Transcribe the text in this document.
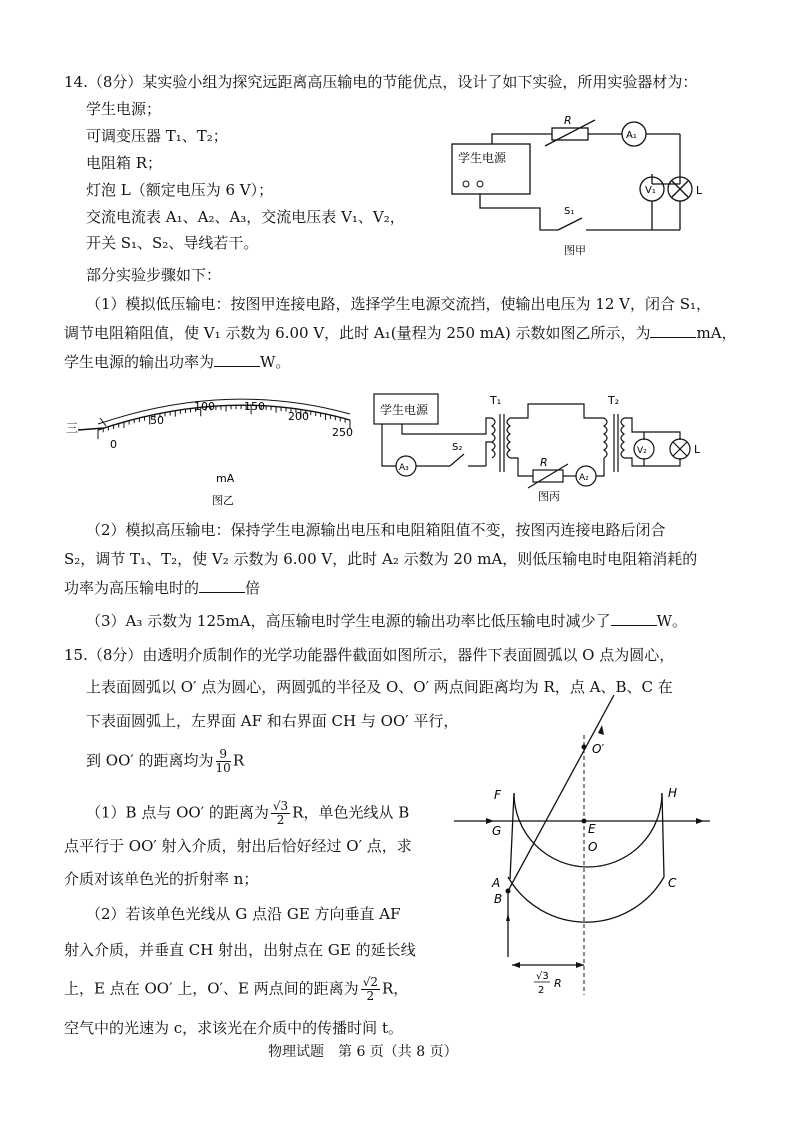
14.（8分）某实验小组为探究远距离高压输电的节能优点，设计了如下实验，所用实验器材为：
学生电源；
可调变压器 T₁、T₂；
电阻箱 R；
灯泡 L（额定电压为 6 V）；
交流电流表 A₁、A₂、A₃，交流电压表 V₁、V₂，
开关 S₁、S₂、导线若干。
部分实验步骤如下：
学生电源
R
A₁
V₁	L
S₁
图甲
（1）模拟低压输电：按图甲连接电路，选择学生电源交流挡，使输出电压为 12 V，闭合 S₁，
调节电阻箱阻值，使 V₁ 示数为 6.00 V，此时 A₁(量程为 250 mA) 示数如图乙所示，为	mA，
学生电源的输出功率为	W。
三
0
50
100	150
200
250
mA
图乙
学生电源
T₁	T₂
R
A₂
A₃
S₂	V₂	L
图丙
（2）模拟高压输电：保持学生电源输出电压和电阻箱阻值不变，按图丙连接电路后闭合
S₂，调节 T₁、T₂，使 V₂ 示数为 6.00 V，此时 A₂ 示数为 20 mA，则低压输电时电阻箱消耗的
功率为高压输电时的	倍
（3）A₃ 示数为 125mA，高压输电时学生电源的输出功率比低压输电时减少了	W。
15.（8分）由透明介质制作的光学功能器件截面如图所示，器件下表面圆弧以 O 点为圆心，
上表面圆弧以 O′ 点为圆心，两圆弧的半径及 O、O′ 两点间距离均为 R，点 A、B、C 在
下表面圆弧上，左界面 AF 和右界面 CH 与 OO′ 平行，
到 OO′ 的距离均为 $\frac{9}{10}$ R
（1）B 点与 OO′ 的距离为 $\frac{√3}{2}$ R，单色光线从 B
点平行于 OO′ 射入介质，射出后恰好经过 O′ 点，求
介质对该单色光的折射率 n；
（2）若该单色光线从 G 点沿 GE 方向垂直 AF
射入介质，并垂直 CH 射出，出射点在 GE 的延长线
上，E 点在 OO′ 上，O′、E 两点间的距离为 $\frac{√2}{2}$ R，
空气中的光速为 c，求该光在介质中的传播时间 t。
O′
F	H
G	E
O
A
B
C
√3
2
R
物理试题　第 6 页（共 8 页）
